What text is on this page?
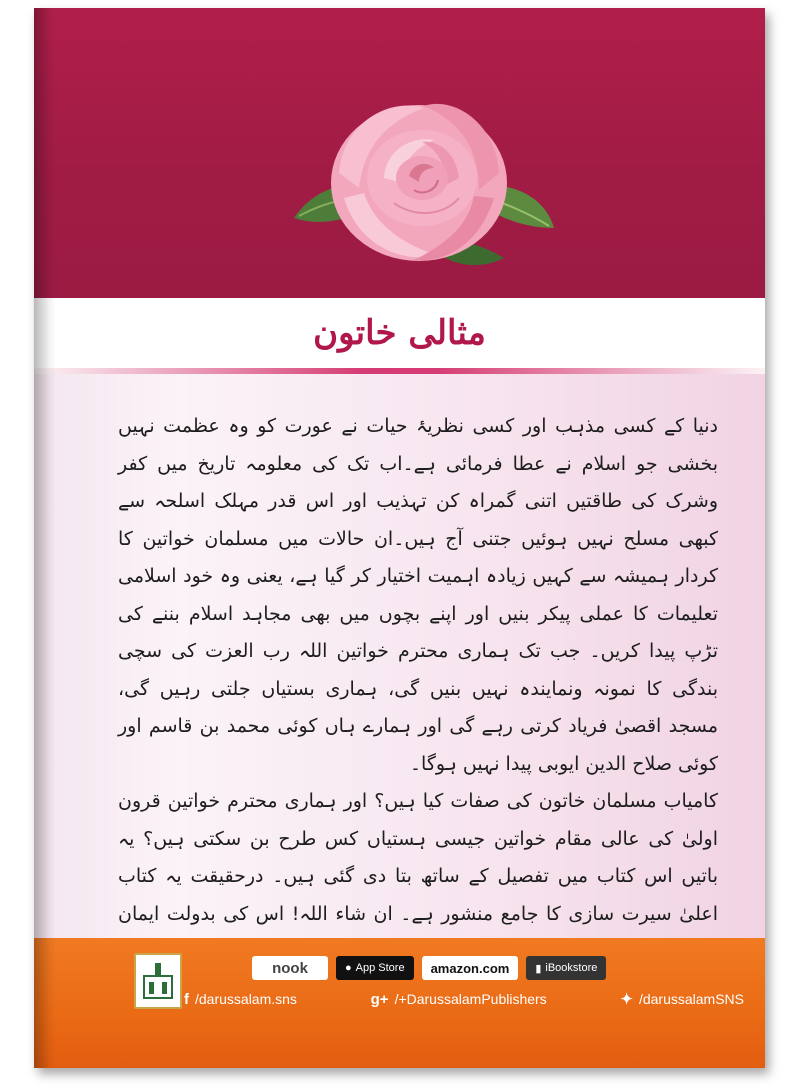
مثالی خاتون

دنیا کے کسی مذہب اور کسی نظریۂ حیات نے عورت کو وہ عظمت نہیں بخشی جو اسلام نے عطا فرمائی ہے۔اب تک کی معلومہ تاریخ میں کفر وشرک کی طاقتیں اتنی گمراہ کن تہذیب اور اس قدر مہلک اسلحہ سے کبھی مسلح نہیں ہوئیں جتنی آج ہیں۔ان حالات میں مسلمان خواتین کا کردار ہمیشہ سے کہیں زیادہ اہمیت اختیار کر گیا ہے، یعنی وہ خود اسلامی تعلیمات کا عملی پیکر بنیں اور اپنے بچوں میں بھی مجاہد اسلام بننے کی تڑپ پیدا کریں۔ جب تک ہماری محترم خواتین اللہ رب العزت کی سچی بندگی کا نمونہ ونمایندہ نہیں بنیں گی، ہماری بستیاں جلتی رہیں گی، مسجد اقصیٰ فریاد کرتی رہے گی اور ہمارے ہاں کوئی محمد بن قاسم اور کوئی صلاح الدین ایوبی پیدا نہیں ہوگا۔

کامیاب مسلمان خاتون کی صفات کیا ہیں؟ اور ہماری محترم خواتین قرون اولیٰ کی عالی مقام خواتین جیسی ہستیاں کس طرح بن سکتی ہیں؟ یہ باتیں اس کتاب میں تفصیل کے ساتھ بتا دی گئی ہیں۔ درحقیقت یہ کتاب اعلیٰ سیرت سازی کا جامع منشور ہے۔ ان شاء اللہ! اس کی بدولت ایمان

nook	● App Store amazon.com ▮ iBookstore
f /darussalam.sns	g+ /+DarussalamPublishers	✦ /darussalamSNS
